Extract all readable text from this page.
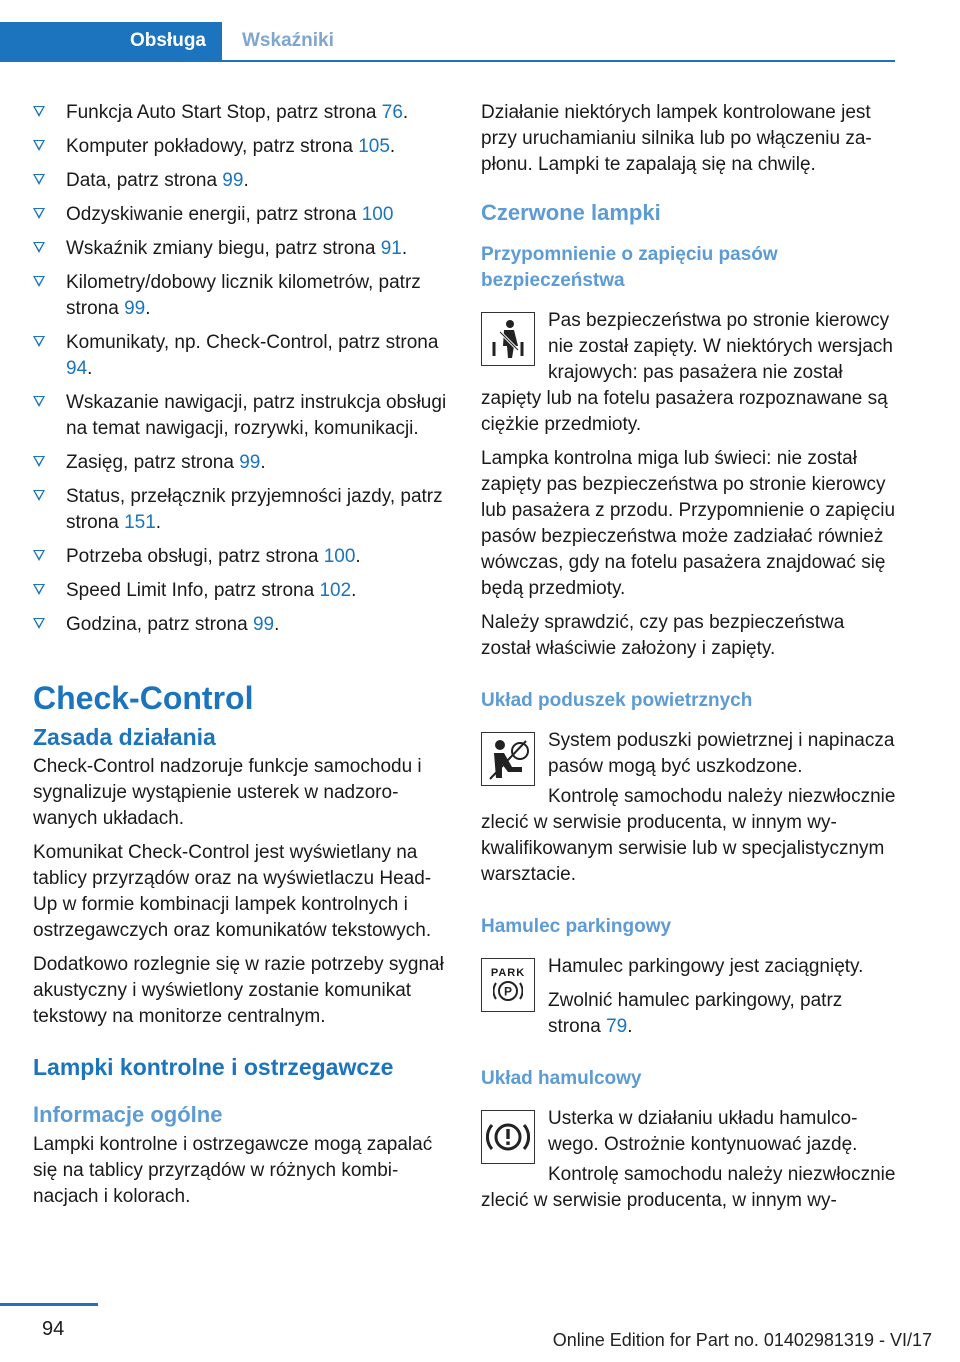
Obsługa	Wskaźniki
Funkcja Auto Start Stop, patrz strona 76.
Komputer pokładowy, patrz strona 105.
Data, patrz strona 99.
Odzyskiwanie energii, patrz strona 100
Wskaźnik zmiany biegu, patrz strona 91.
Kilometry/dobowy licznik kilometrów, patrz strona 99.
Komunikaty, np. Check-Control, patrz strona 94.
Wskazanie nawigacji, patrz instrukcja obsługi na temat nawigacji, rozrywki, komunikacji.
Zasięg, patrz strona 99.
Status, przełącznik przyjemności jazdy, patrz strona 151.
Potrzeba obsługi, patrz strona 100.
Speed Limit Info, patrz strona 102.
Godzina, patrz strona 99.
Check-Control
Zasada działania

Check-Control nadzoruje funkcje samochodu i sygnalizuje wystąpienie usterek w nadzorowanych układach.

Komunikat Check-Control jest wyświetlany na tablicy przyrządów oraz na wyświetlaczu Head-Up w formie kombinacji lampek kontrolnych i ostrzegawczych oraz komunikatów tekstowych.

Dodatkowo rozlegnie się w razie potrzeby sygnał akustyczny i wyświetlony zostanie komunikat tekstowy na monitorze centralnym.

Lampki kontrolne i ostrzegawcze
Informacje ogólne

Lampki kontrolne i ostrzegawcze mogą zapalać się na tablicy przyrządów w różnych kombinacjach i kolorach.

Działanie niektórych lampek kontrolowane jest przy uruchamianiu silnika lub po włączeniu zapłonu. Lampki te zapalają się na chwilę.

Czerwone lampki
Przypomnienie o zapięciu pasów bezpieczeństwa

Pas bezpieczeństwa po stronie kierowcy nie został zapięty. W niektórych wersjach krajowych: pas pasażera nie został zapięty lub na fotelu pasażera rozpoznawane są ciężkie przedmioty.

Lampka kontrolna miga lub świeci: nie został zapięty pas bezpieczeństwa po stronie kierowcy lub pasażera z przodu. Przypomnienie o zapięciu pasów bezpieczeństwa może zadziałać również wówczas, gdy na fotelu pasażera znajdować się będą przedmioty.

Należy sprawdzić, czy pas bezpieczeństwa został właściwie założony i zapięty.

Układ poduszek powietrznych

System poduszki powietrznej i napinacza pasów mogą być uszkodzone.

Kontrolę samochodu należy niezwłocznie zlecić w serwisie producenta, w innym wykwalifikowanym serwisie lub w specjalistycznym warsztacie.

Hamulec parkingowy
PARK
P

Hamulec parkingowy jest zaciągnięty.

Zwolnić hamulec parkingowy, patrz strona 79.

Układ hamulcowy

Usterka w działaniu układu hamulcowego. Ostrożnie kontynuować jazdę.

Kontrolę samochodu należy niezwłocznie zlecić w serwisie producenta, w innym wy-

94	Online Edition for Part no. 01402981319 - VI/17
